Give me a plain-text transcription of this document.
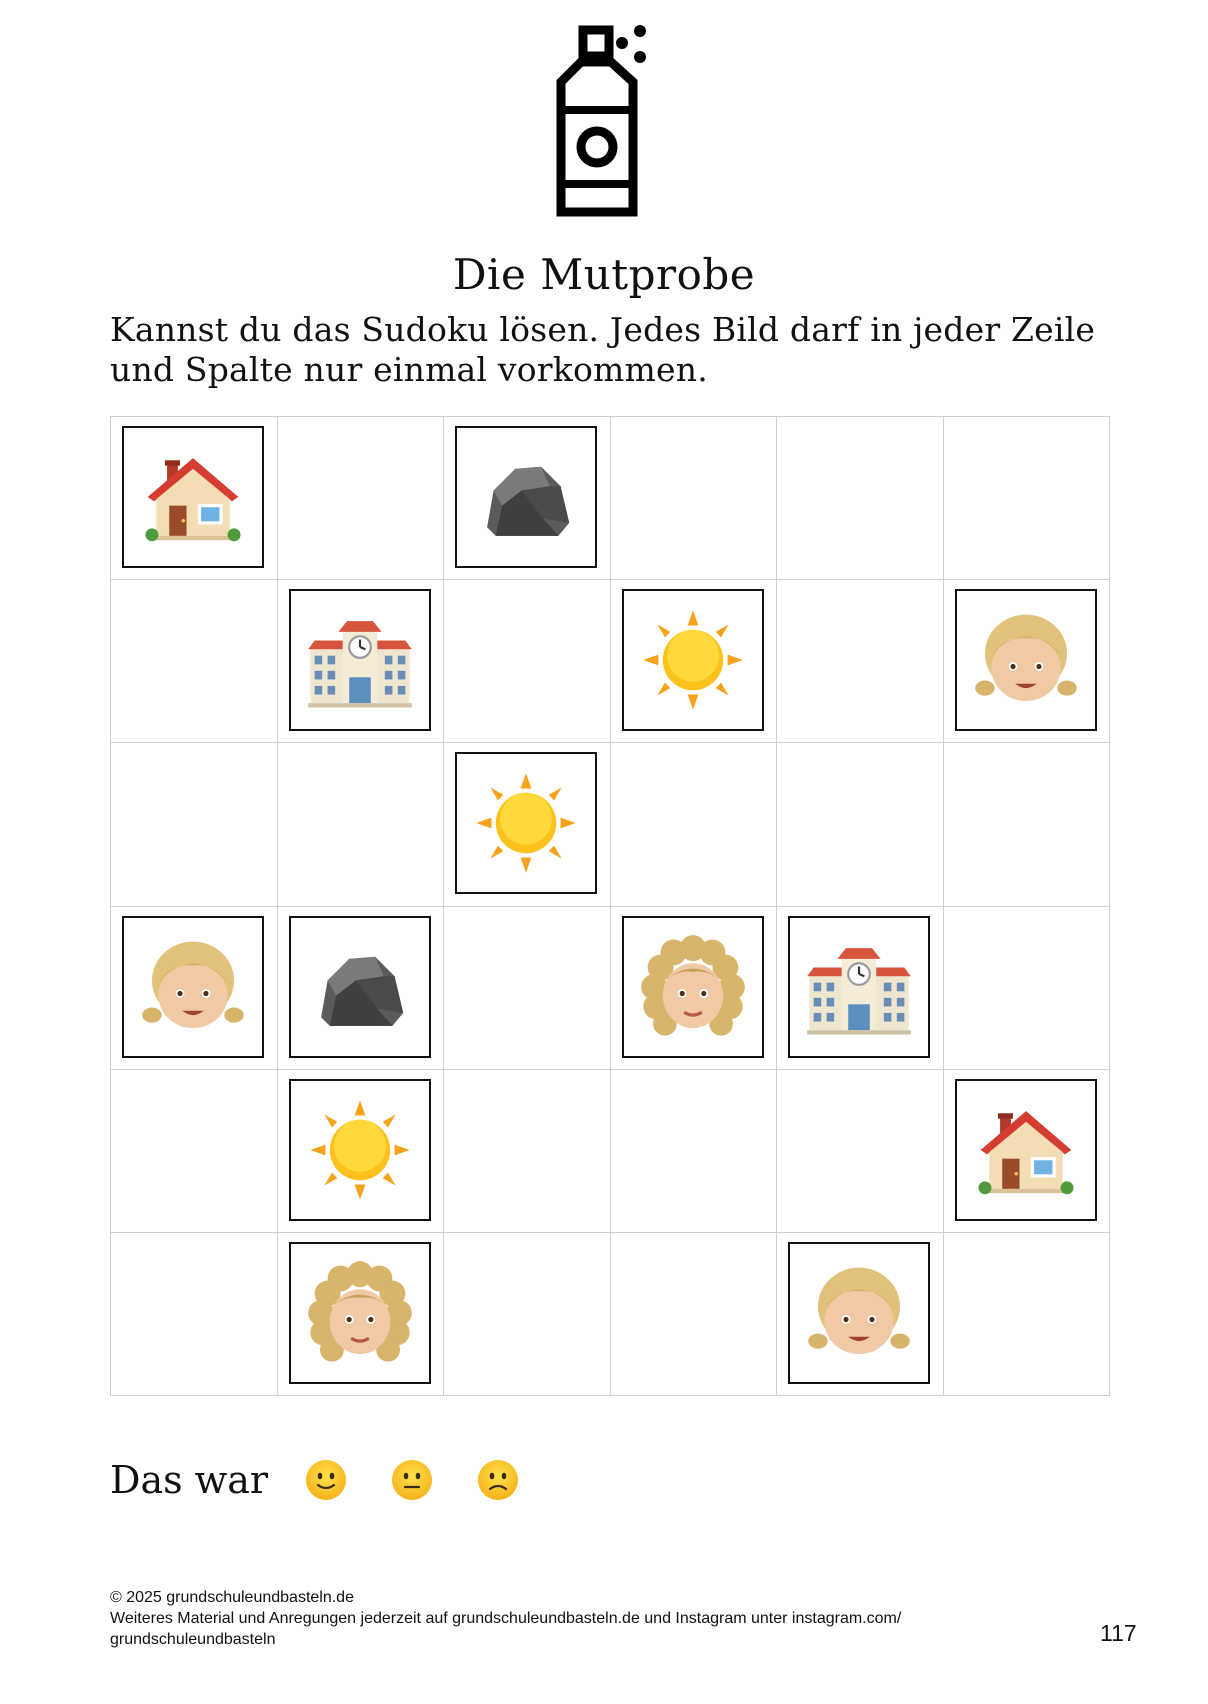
Die Mutprobe
Kannst du das Sudoku lösen. Jedes Bild darf in jeder Zeile und Spalte nur einmal vorkommen.
Das war
© 2025 grundschuleundbasteln.de
Weiteres Material und Anregungen jederzeit auf grundschuleundbasteln.de und Instagram unter instagram.com/
grundschuleundbasteln	117
